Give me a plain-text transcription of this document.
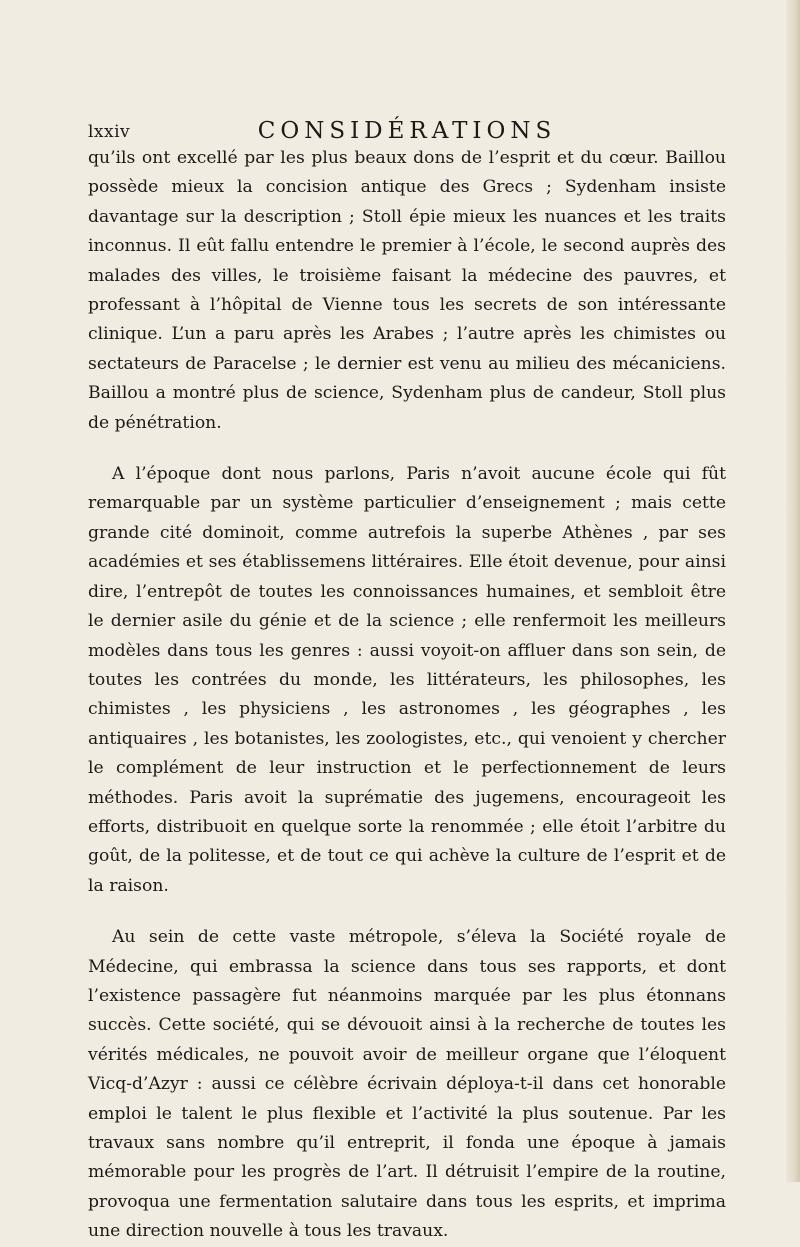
lxxiv	CONSIDÉRATIONS

qu’ils ont excellé par les plus beaux dons de l’esprit et du cœur. Baillou possède mieux la concision antique des Grecs ; Sydenham insiste davantage sur la description ; Stoll épie mieux les nuances et les traits inconnus. Il eût fallu entendre le premier à l’école, le second auprès des malades des villes, le troisième faisant la médecine des pauvres, et professant à l’hôpital de Vienne tous les secrets de son intéressante clinique. L’un a paru après les Arabes ; l’autre après les chimistes ou sectateurs de Paracelse ; le dernier est venu au milieu des mécaniciens. Baillou a montré plus de science, Sydenham plus de candeur, Stoll plus de pénétration.

A l’époque dont nous parlons, Paris n’avoit aucune école qui fût remarquable par un système particulier d’enseignement ; mais cette grande cité dominoit, comme autrefois la superbe Athènes , par ses académies et ses établissemens littéraires. Elle étoit devenue, pour ainsi dire, l’entrepôt de toutes les connoissances humaines, et sembloit être le dernier asile du génie et de la science ; elle renfermoit les meilleurs modèles dans tous les genres : aussi voyoit-on affluer dans son sein, de toutes les contrées du monde, les littérateurs, les philosophes, les chimistes , les physiciens , les astronomes , les géographes , les antiquaires , les botanistes, les zoologistes, etc., qui venoient y chercher le complément de leur instruction et le perfectionnement de leurs méthodes. Paris avoit la suprématie des jugemens, encourageoit les efforts, distribuoit en quelque sorte la renommée ; elle étoit l’arbitre du goût, de la politesse, et de tout ce qui achève la culture de l’esprit et de la raison.

Au sein de cette vaste métropole, s’éleva la Société royale de Médecine, qui embrassa la science dans tous ses rapports, et dont l’existence passagère fut néanmoins marquée par les plus étonnans succès. Cette société, qui se dévouoit ainsi à la recherche de toutes les vérités médicales, ne pouvoit avoir de meilleur organe que l’éloquent Vicq-d’Azyr : aussi ce célèbre écrivain déploya-t-il dans cet honorable emploi le talent le plus flexible et l’activité la plus soutenue. Par les travaux sans nombre qu’il entreprit, il fonda une époque à jamais mémorable pour les progrès de l’art. Il détruisit l’empire de la routine, provoqua une fermentation salutaire dans tous les esprits, et imprima une direction nouvelle à tous les travaux.
